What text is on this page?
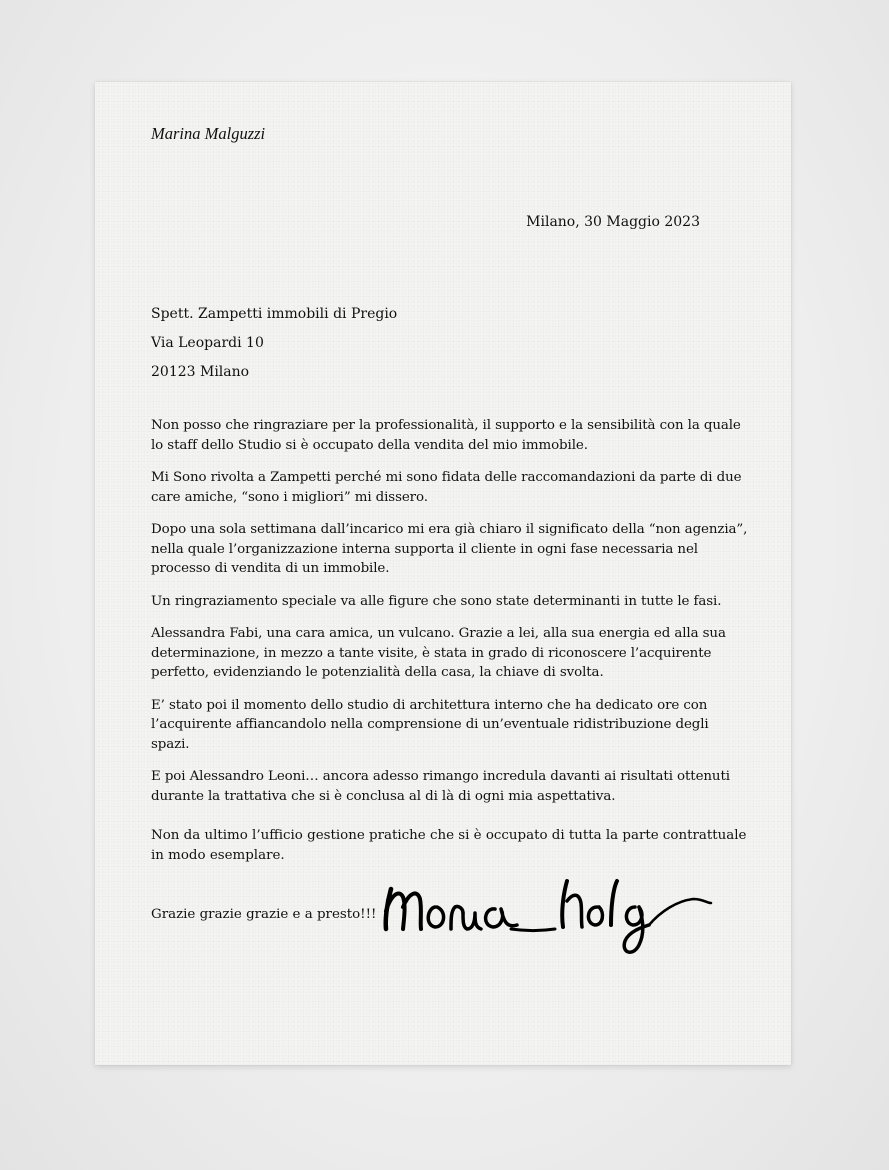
Marina Malguzzi
Milano, 30 Maggio 2023
Spett. Zampetti immobili di Pregio
Via Leopardi 10
20123 Milano

Non posso che ringraziare per la professionalità, il supporto e la sensibilità con la quale lo staff dello Studio si è occupato della vendita del mio immobile.

Mi Sono rivolta a Zampetti perché mi sono fidata delle raccomandazioni da parte di due care amiche, “sono i migliori” mi dissero.

Dopo una sola settimana dall’incarico mi era già chiaro il significato della “non agenzia”, nella quale l’organizzazione interna supporta il cliente in ogni fase necessaria nel processo di vendita di un immobile.

Un ringraziamento speciale va alle figure che sono state determinanti in tutte le fasi.

Alessandra Fabi, una cara amica, un vulcano. Grazie a lei, alla sua energia ed alla sua determinazione, in mezzo a tante visite, è stata in grado di riconoscere l’acquirente perfetto, evidenziando le potenzialità della casa, la chiave di svolta.

E’ stato poi il momento dello studio di architettura interno che ha dedicato ore con l’acquirente affiancandolo nella comprensione di un’eventuale ridistribuzione degli spazi.

E poi Alessandro Leoni… ancora adesso rimango incredula davanti ai risultati ottenuti durante la trattativa che si è conclusa al di là di ogni mia aspettativa.

Non da ultimo l’ufficio gestione pratiche che si è occupato di tutta la parte contrattuale in modo esemplare.

Grazie grazie grazie e a presto!!!
